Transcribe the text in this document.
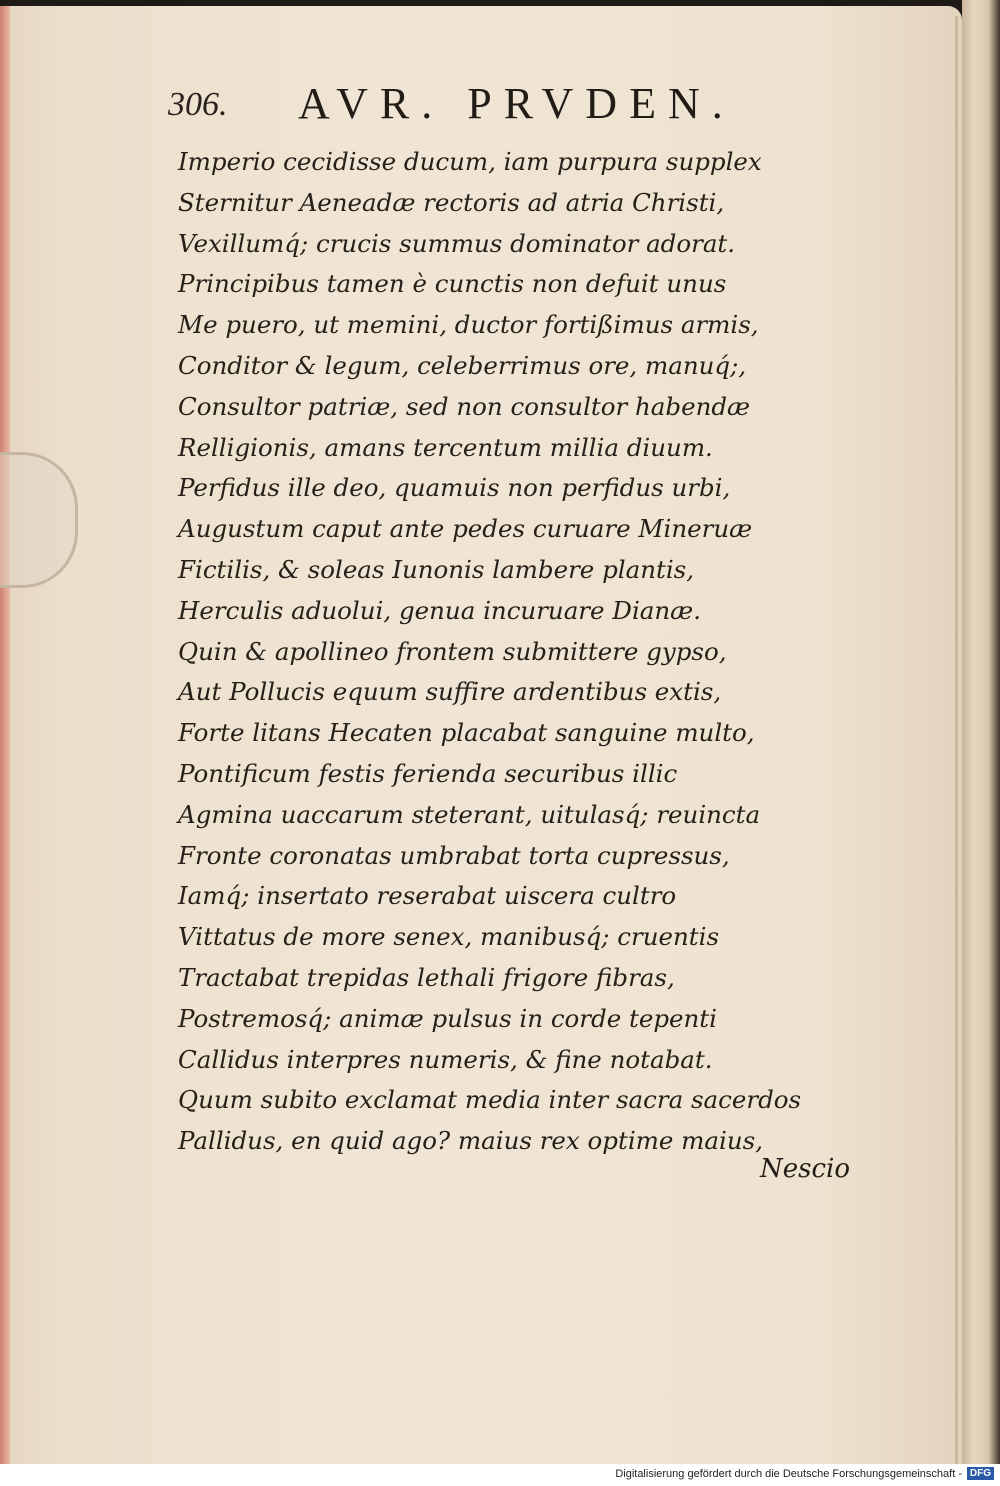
306. AVR. PRVDEN.
Imperio cecidisse ducum, iam purpura supplex
Sternitur Aeneadæ rectoris ad atria Christi,
Vexillumq́; crucis summus dominator adorat.
Principibus tamen è cunctis non defuit unus
Me puero, ut memini, ductor fortißimus armis,
Conditor & legum, celeberrimus ore, manuq́;,
Consultor patriæ, sed non consultor habendæ
Relligionis, amans tercentum millia diuum.
Perfidus ille deo, quamuis non perfidus urbi,
Augustum caput ante pedes curuare Mineruæ
Fictilis, & soleas Iunonis lambere plantis,
Herculis aduolui, genua incuruare Dianæ.
Quin & apollineo frontem submittere gypso,
Aut Pollucis equum suffire ardentibus extis,
Forte litans Hecaten placabat sanguine multo,
Pontificum festis ferienda securibus illic
Agmina uaccarum steterant, uitulasq́; reuincta
Fronte coronatas umbrabat torta cupressus,
Iamq́; insertato reserabat uiscera cultro
Vittatus de more senex, manibusq́; cruentis
Tractabat trepidas lethali frigore fibras,
Postremosq́; animæ pulsus in corde tepenti
Callidus interpres numeris, & fine notabat.
Quum subito exclamat media inter sacra sacerdos
Pallidus, en quid ago? maius rex optime maius,
Nescio
Digitalisierung gefördert durch die Deutsche Forschungsgemeinschaft - DFG
